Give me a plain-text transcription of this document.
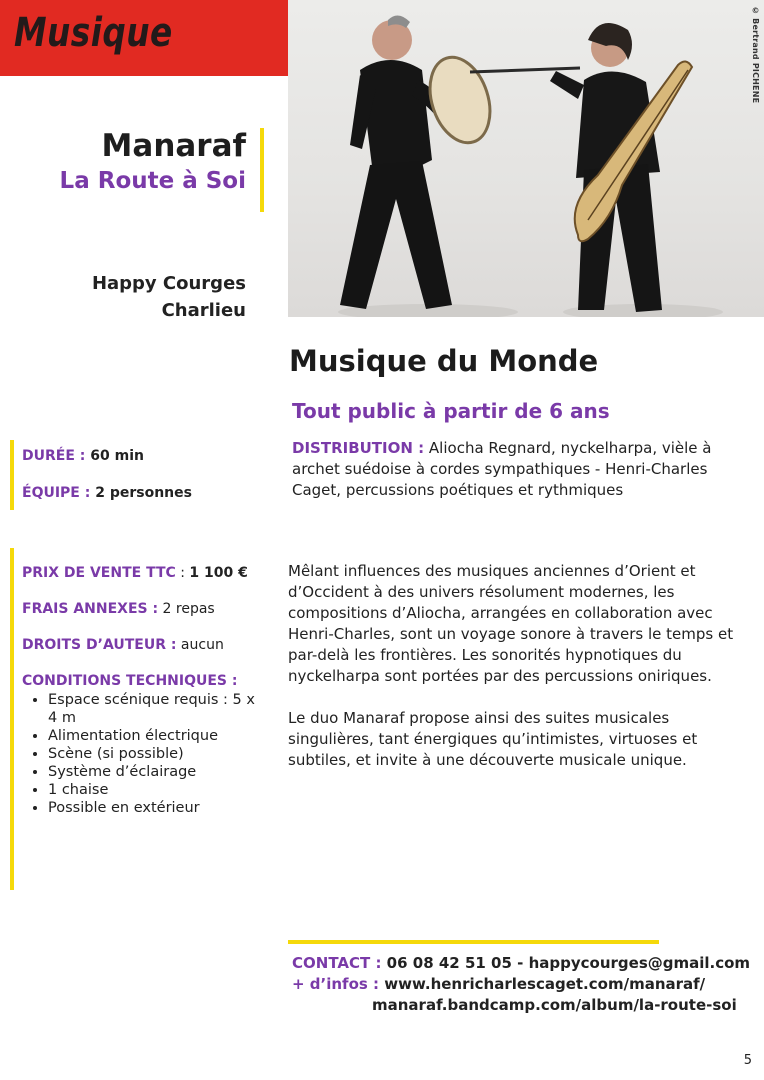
Musique	© Bertrand PICHENE
Manaraf
La Route à Soi
Happy Courges
Charlieu
Musique du Monde
Tout public à partir de 6 ans
DISTRIBUTION : Aliocha Regnard, nyckelharpa, vièle à archet suédoise à cordes sympathiques - Henri-Charles Caget, percussions poétiques et rythmiques
DURÉE : 60 min
ÉQUIPE : 2 personnes
PRIX DE VENTE TTC : 1 100 €
FRAIS ANNEXES : 2 repas
DROITS D’AUTEUR : aucun
CONDITIONS TECHNIQUES :
• Espace scénique requis : 5 x 4 m
• Alimentation électrique
• Scène (si possible)
• Système d’éclairage
• 1 chaise
• Possible en extérieur

Mêlant influences des musiques anciennes d’Orient et d’Occident à des univers résolument modernes, les compositions d’Aliocha, arrangées en collaboration avec Henri-Charles, sont un voyage sonore à travers le temps et par-delà les frontières. Les sonorités hypnotiques du nyckelharpa sont portées par des percussions oniriques.

Le duo Manaraf propose ainsi des suites musicales singulières, tant énergiques qu’intimistes, virtuoses et subtiles, et invite à une découverte musicale unique.

CONTACT : 06 08 42 51 05 - happycourges@gmail.com
+ d’infos : www.henricharlescaget.com/manaraf/
manaraf.bandcamp.com/album/la-route-soi
5
